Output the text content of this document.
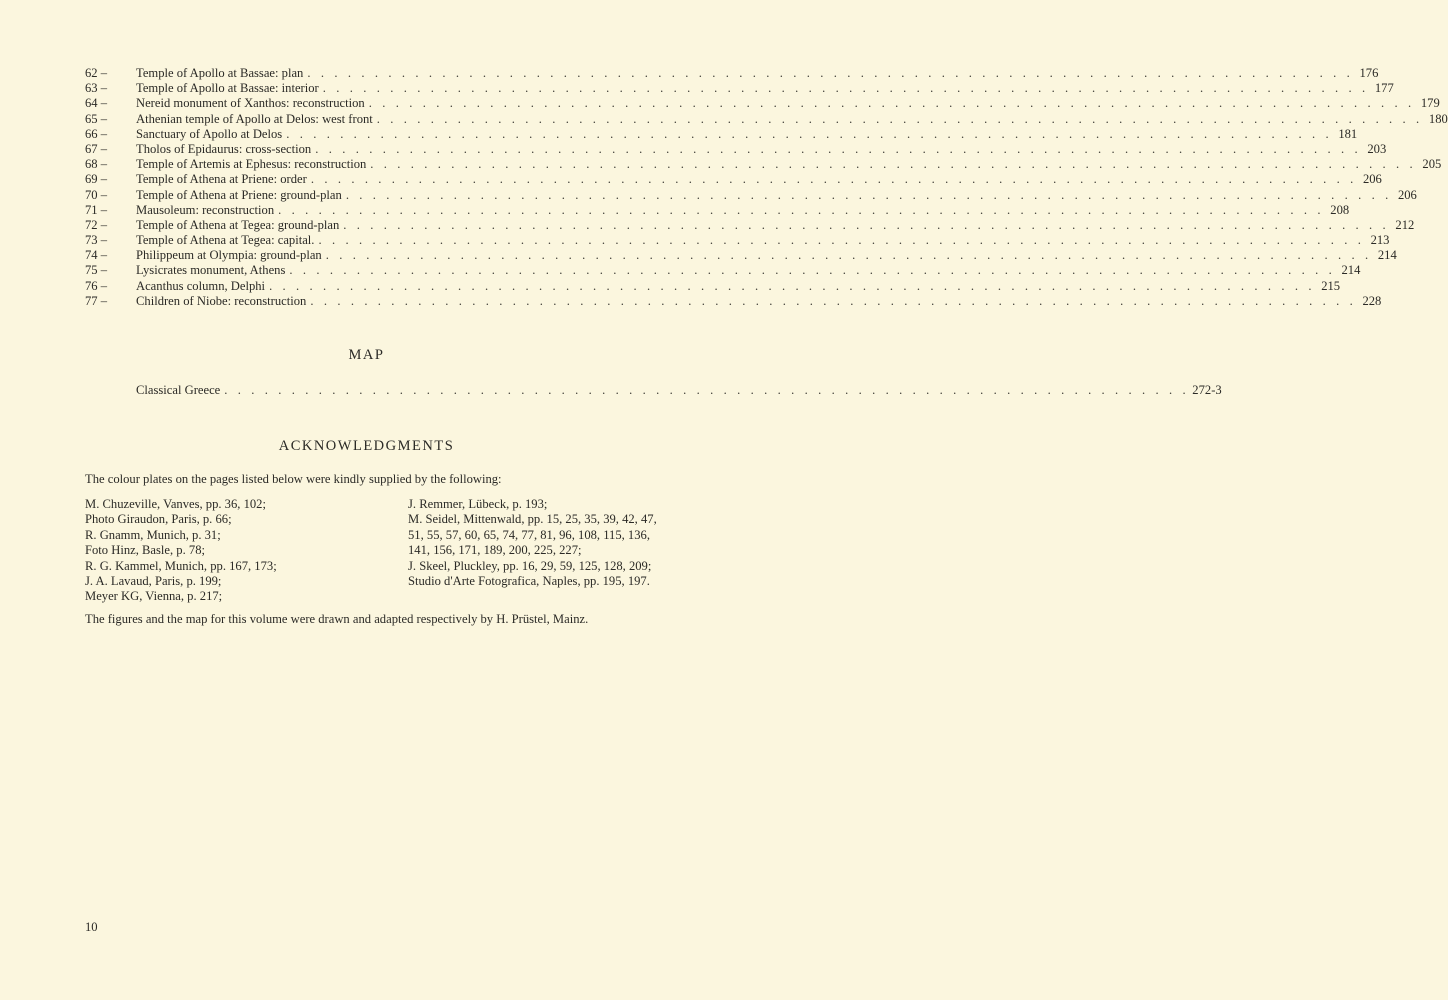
62 –	Temple of Apollo at Bassae: plan . . . . . . . . . . . . . . . . . . . . . . . . . . . . . . . . . . . . . . . . . . . . . . . . . . . . . . . . . . . . . . . . . . . . . . . . . . . . . . 176
63 –	Temple of Apollo at Bassae: interior . . . . . . . . . . . . . . . . . . . . . . . . . . . . . . . . . . . . . . . . . . . . . . . . . . . . . . . . . . . . . . . . . . . . . . . . . . . . . . 177
64 –	Nereid monument of Xanthos: reconstruction . . . . . . . . . . . . . . . . . . . . . . . . . . . . . . . . . . . . . . . . . . . . . . . . . . . . . . . . . . . . . . . . . . . . . . . . . . . . . . 179
65 –	Athenian temple of Apollo at Delos: west front . . . . . . . . . . . . . . . . . . . . . . . . . . . . . . . . . . . . . . . . . . . . . . . . . . . . . . . . . . . . . . . . . . . . . . . . . . . . . . 180
66 –	Sanctuary of Apollo at Delos . . . . . . . . . . . . . . . . . . . . . . . . . . . . . . . . . . . . . . . . . . . . . . . . . . . . . . . . . . . . . . . . . . . . . . . . . . . . . . 181
67 –	Tholos of Epidaurus: cross-section . . . . . . . . . . . . . . . . . . . . . . . . . . . . . . . . . . . . . . . . . . . . . . . . . . . . . . . . . . . . . . . . . . . . . . . . . . . . . . 203
68 –	Temple of Artemis at Ephesus: reconstruction . . . . . . . . . . . . . . . . . . . . . . . . . . . . . . . . . . . . . . . . . . . . . . . . . . . . . . . . . . . . . . . . . . . . . . . . . . . . . . 205
69 –	Temple of Athena at Priene: order . . . . . . . . . . . . . . . . . . . . . . . . . . . . . . . . . . . . . . . . . . . . . . . . . . . . . . . . . . . . . . . . . . . . . . . . . . . . . . 206
70 –	Temple of Athena at Priene: ground-plan . . . . . . . . . . . . . . . . . . . . . . . . . . . . . . . . . . . . . . . . . . . . . . . . . . . . . . . . . . . . . . . . . . . . . . . . . . . . . . 206
71 –	Mausoleum: reconstruction . . . . . . . . . . . . . . . . . . . . . . . . . . . . . . . . . . . . . . . . . . . . . . . . . . . . . . . . . . . . . . . . . . . . . . . . . . . . . . 208
72 –	Temple of Athena at Tegea: ground-plan . . . . . . . . . . . . . . . . . . . . . . . . . . . . . . . . . . . . . . . . . . . . . . . . . . . . . . . . . . . . . . . . . . . . . . . . . . . . . . 212
73 –	Temple of Athena at Tegea: capital. . . . . . . . . . . . . . . . . . . . . . . . . . . . . . . . . . . . . . . . . . . . . . . . . . . . . . . . . . . . . . . . . . . . . . . . . . . . . . . 213
74 –	Philippeum at Olympia: ground-plan . . . . . . . . . . . . . . . . . . . . . . . . . . . . . . . . . . . . . . . . . . . . . . . . . . . . . . . . . . . . . . . . . . . . . . . . . . . . . . 214
75 –	Lysicrates monument, Athens . . . . . . . . . . . . . . . . . . . . . . . . . . . . . . . . . . . . . . . . . . . . . . . . . . . . . . . . . . . . . . . . . . . . . . . . . . . . . . 214
76 –	Acanthus column, Delphi . . . . . . . . . . . . . . . . . . . . . . . . . . . . . . . . . . . . . . . . . . . . . . . . . . . . . . . . . . . . . . . . . . . . . . . . . . . . . . 215
77 –	Children of Niobe: reconstruction . . . . . . . . . . . . . . . . . . . . . . . . . . . . . . . . . . . . . . . . . . . . . . . . . . . . . . . . . . . . . . . . . . . . . . . . . . . . . . 228
MAP
Classical Greece . . . . . . . . . . . . . . . . . . . . . . . . . . . . . . . . . . . . . . . . . . . . . . . . . . . . . . . . . . . . . . . . . . . . . . . . 272-3
ACKNOWLEDGMENTS
The colour plates on the pages listed below were kindly supplied by the following:
M. Chuzeville, Vanves, pp. 36, 102;
Photo Giraudon, Paris, p. 66;
R. Gnamm, Munich, p. 31;
Foto Hinz, Basle, p. 78;
R. G. Kammel, Munich, pp. 167, 173;
J. A. Lavaud, Paris, p. 199;
Meyer KG, Vienna, p. 217;
J. Remmer, Lübeck, p. 193;
M. Seidel, Mittenwald, pp. 15, 25, 35, 39, 42, 47,
51, 55, 57, 60, 65, 74, 77, 81, 96, 108, 115, 136,
141, 156, 171, 189, 200, 225, 227;
J. Skeel, Pluckley, pp. 16, 29, 59, 125, 128, 209;
Studio d'Arte Fotografica, Naples, pp. 195, 197.
The figures and the map for this volume were drawn and adapted respectively by H. Prüstel, Mainz.
10
